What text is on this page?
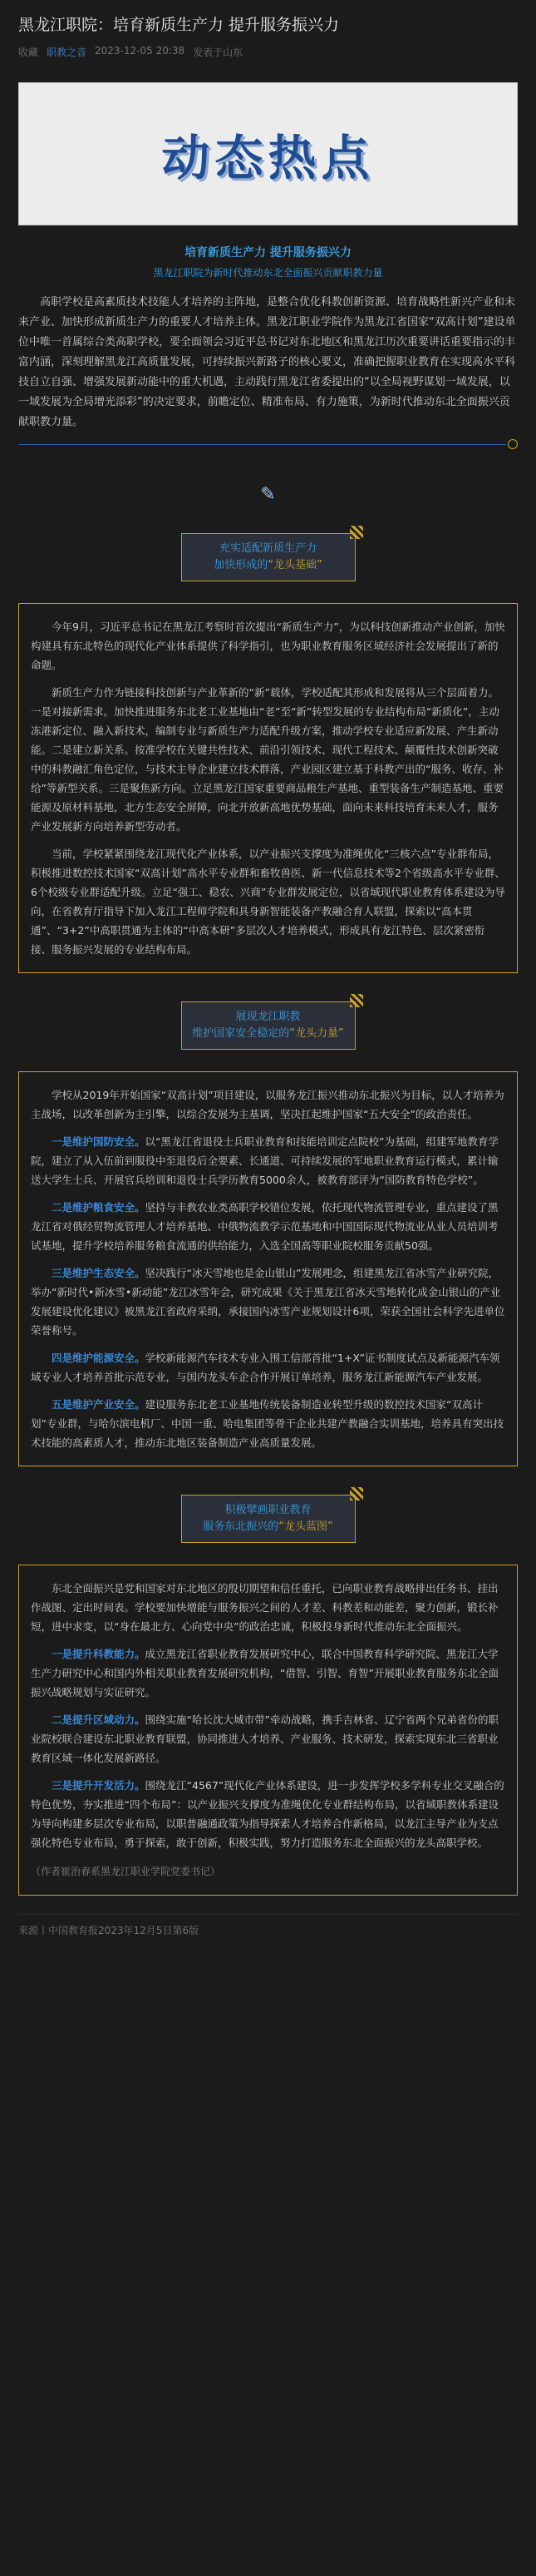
黑龙江职院：培育新质生产力 提升服务振兴力
收藏 职教之音 2023-12-05 20:38 发表于山东
动态热点
培育新质生产力 提升服务振兴力
黑龙江职院为新时代推动东北全面振兴贡献职教力量
高职学校是高素质技术技能人才培养的主阵地，是整合优化科教创新资源、培育战略性新兴产业和未来产业、加快形成新质生产力的重要人才培养主体。黑龙江职业学院作为黑龙江省国家“双高计划”建设单位中唯一首属综合类高职学校，要全面领会习近平总书记对东北地区和黑龙江历次重要讲话重要指示的丰富内涵，深刻理解黑龙江高质量发展，可持续振兴新路子的核心要义，准确把握职业教育在实现高水平科技自立自强、增强发展新动能中的重大机遇，主动践行黑龙江省委提出的“以全局视野谋划一域发展，以一域发展为全局增光添彩”的决定要求，前瞻定位、精准布局、有力施策，为新时代推动东北全面振兴贡献职教力量。
✎
充实适配新质生产力
加快形成的“龙头基础”

今年9月，习近平总书记在黑龙江考察时首次提出“新质生产力”，为以科技创新推动产业创新，加快构建具有东北特色的现代化产业体系提供了科学指引，也为职业教育服务区域经济社会发展提出了新的命题。

新质生产力作为链接科技创新与产业革新的“新”载体，学校适配其形成和发展将从三个层面着力。一是对接新需求。加快推进服务东北老工业基地由“老”至“新”转型发展的专业结构布局“新质化”，主动冻港新定位、融入新技术，编制专业与新质生产力适配升级方案，推动学校专业适应新发展、产生新动能。二是建立新关系。按准学校在关键共性技术、前沿引领技术、现代工程技术、颠覆性技术创新突破中的科教融汇角色定位，与技术主导企业建立技术群落，产业园区建立基于科教产出的“服务、收存、补给”等新型关系。三是聚焦新方向。立足黑龙江国家重要商品粮生产基地、重型装备生产制造基地、重要能源及原材料基地，北方生态安全屏障，向北开放新高地优势基础，面向未来科技培育未来人才，服务产业发展新方向培养新型劳动者。

当前，学校紧紧围绕龙江现代化产业体系，以产业振兴支撑度为准绳优化“三核六点”专业群布局，积极推进数控技术国家“双高计划”高水平专业群和畜牧兽医、新一代信息技术等2个省级高水平专业群、6个校级专业群适配升级。立足“强工、稳农、兴商”专业群发展定位，以省域现代职业教育体系建设为导向，在省教育厅指导下加入龙江工程师学院和具身新智能装备产教融合育人联盟，探索以“高本贯通”、“3+2”中高职贯通为主体的“中高本研”多层次人才培养模式，形成具有龙江特色、层次紧密衔接、服务振兴发展的专业结构布局。

展现龙江职教
维护国家安全稳定的“龙头力量”

学校从2019年开始国家“双高计划”项目建设，以服务龙江振兴推动东北振兴为目标，以人才培养为主战场，以改革创新为主引擎，以综合发展为主基调，坚决扛起维护国家“五大安全”的政治责任。

一是维护国防安全。以“黑龙江省退役士兵职业教育和技能培训定点院校”为基础，组建军地教育学院，建立了从入伍前到服役中至退役后全要素、长通道、可持续发展的军地职业教育运行模式，累计输送大学生士兵、开展官兵培训和退役士兵学历教育5000余人，被教育部评为“国防教育特色学校”。

二是维护粮食安全。坚持与丰教农业类高职学校错位发展，依托现代物流管理专业，重点建设了黑龙江省对俄经贸物流管理人才培养基地、中俄物流教学示范基地和中国国际现代物流业从业人员培训考试基地，提升学校培养服务粮食流通的供给能力，入选全国高等职业院校服务贡献50强。

三是维护生态安全。坚决践行“冰天雪地也是金山银山”发展理念，组建黑龙江省冰雪产业研究院，举办“新时代•新冰雪•新动能”龙江冰雪年会，研究成果《关于黑龙江省冰天雪地转化成金山银山的产业发展建设优化建议》被黑龙江省政府采纳，承接国内冰雪产业规划设计6项，荣获全国社会科学先进单位荣誉称号。

四是维护能源安全。学校新能源汽车技术专业入围工信部首批“1+X”证书制度试点及新能源汽车领域专业人才培养首批示范专业，与国内龙头车企合作开展订单培养，服务龙江新能源汽车产业发展。

五是维护产业安全。建设服务东北老工业基地传统装备制造业转型升级的数控技术国家“双高计划”专业群，与哈尔滨电机厂、中国一重、哈电集团等骨干企业共建产教融合实训基地，培养具有突出技术技能的高素质人才，推动东北地区装备制造产业高质量发展。

积极擘画职业教育
服务东北振兴的“龙头蓝图”

东北全面振兴是党和国家对东北地区的殷切期望和信任重托，已向职业教育战略排出任务书、挂出作战图、定出时间表。学校要加快增能与服务振兴之间的人才差、科教差和动能差，聚力创新，锻长补短，进中求变，以“身在最北方、心向党中央”的政治忠诚，积极投身新时代推动东北全面振兴。

一是提升科教能力。成立黑龙江省职业教育发展研究中心，联合中国教育科学研究院、黑龙江大学生产力研究中心和国内外相关职业教育发展研究机构，“借智、引智、育智”开展职业教育服务东北全面振兴战略规划与实证研究。

二是提升区域动力。围绕实施“哈长沈大城市带”牵动战略，携手吉林省、辽宁省两个兄弟省份的职业院校联合建设东北职业教育联盟，协同推进人才培养、产业服务、技术研发，探索实现东北三省职业教育区域一体化发展新路径。

三是提升开发活力。围绕龙江“4567”现代化产业体系建设，进一步发挥学校多学科专业交叉融合的特色优势，夯实推进“四个布局”：以产业振兴支撑度为准绳优化专业群结构布局，以省域职教体系建设为导向构建多层次专业布局，以职普融通政策为指导探索人才培养合作新格局，以龙江主导产业为支点强化特色专业布局，勇于探索，敢于创新，积极实践，努力打造服务东北全面振兴的龙头高职学校。

（作者崔治春系黑龙江职业学院党委书记）

来源丨中国教育报2023年12月5日第6版
